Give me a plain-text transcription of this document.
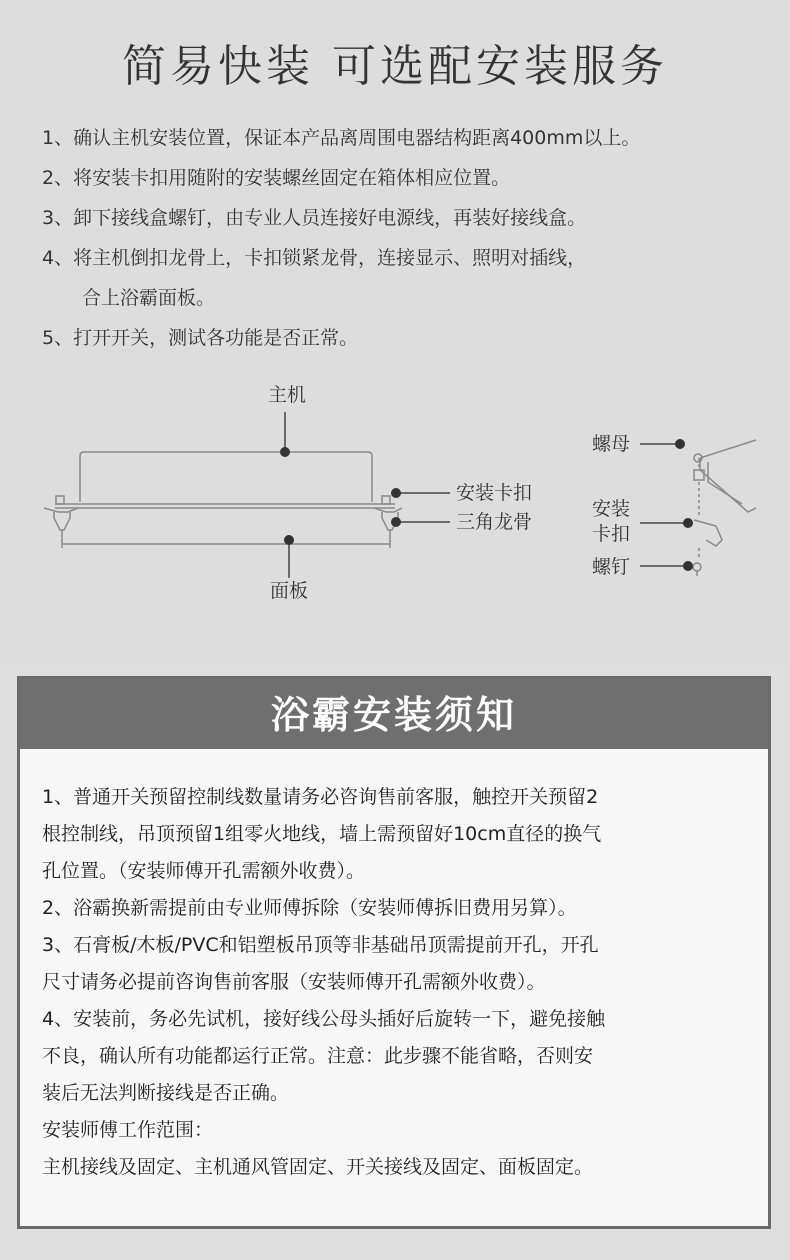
简易快装 可选配安装服务
1、确认主机安装位置，保证本产品离周围电器结构距离400mm以上。
2、将安装卡扣用随附的安装螺丝固定在箱体相应位置。
3、卸下接线盒螺钉，由专业人员连接好电源线，再装好接线盒。
4、将主机倒扣龙骨上，卡扣锁紧龙骨，连接显示、照明对插线，
合上浴霸面板。
5、打开开关，测试各功能是否正常。
主机
安装卡扣
三角龙骨
面板
螺母
安装
卡扣
螺钉
浴霸安装须知

1、普通开关预留控制线数量请务必咨询售前客服，触控开关预留2

根控制线，吊顶预留1组零火地线，墙上需预留好10cm直径的换气

孔位置。（安装师傅开孔需额外收费）。

2、浴霸换新需提前由专业师傅拆除（安装师傅拆旧费用另算）。

3、石膏板/木板/PVC和铝塑板吊顶等非基础吊顶需提前开孔，开孔

尺寸请务必提前咨询售前客服（安装师傅开孔需额外收费）。

4、安装前，务必先试机，接好线公母头插好后旋转一下，避免接触

不良，确认所有功能都运行正常。注意：此步骤不能省略，否则安

装后无法判断接线是否正确。

安装师傅工作范围：

主机接线及固定、主机通风管固定、开关接线及固定、面板固定。
